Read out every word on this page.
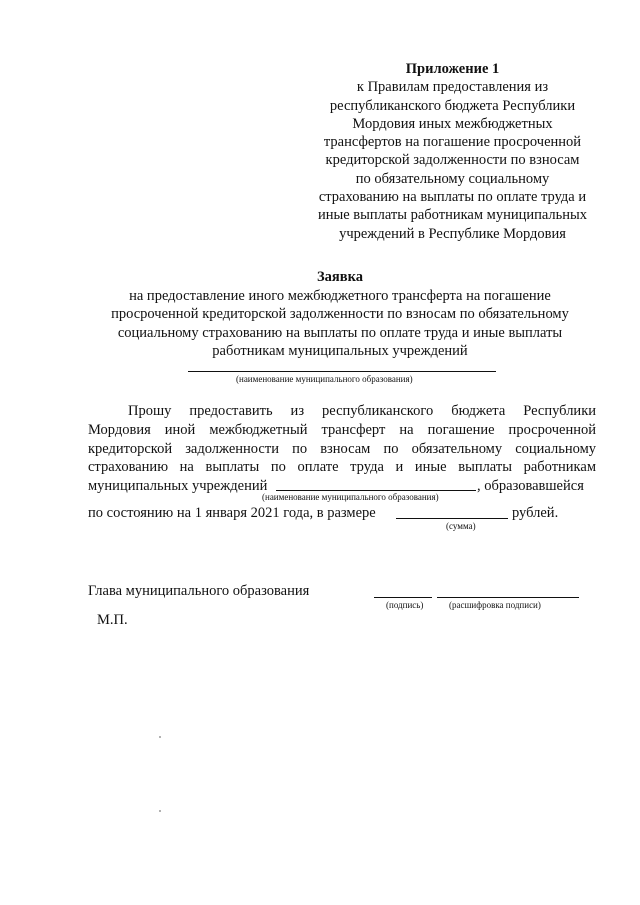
Приложение 1
к Правилам предоставления из
республиканского бюджета Республики
Мордовия иных межбюджетных
трансфертов на погашение просроченной
кредиторской задолженности по взносам
по обязательному социальному
страхованию на выплаты по оплате труда и
иные выплаты работникам муниципальных
учреждений в Республике Мордовия
Заявка
на предоставление иного межбюджетного трансферта на погашение
просроченной кредиторской задолженности по взносам по обязательному
социальному страхованию на выплаты по оплате труда и иные выплаты
работникам муниципальных учреждений
(наименование муниципального образования)
Прошу предоставить из республиканского бюджета Республики
Мордовия иной межбюджетный трансферт на погашение просроченной
кредиторской задолженности по взносам по обязательному социальному
страхованию на выплаты по оплате труда и иные выплаты работникам
муниципальных учреждений	, образовавшейся
(наименование муниципального образования)
по состоянию на 1 января 2021 года, в размере	рублей.
(сумма)
Глава муниципального образования
(подпись)	(расшифровка подписи)
М.П.
